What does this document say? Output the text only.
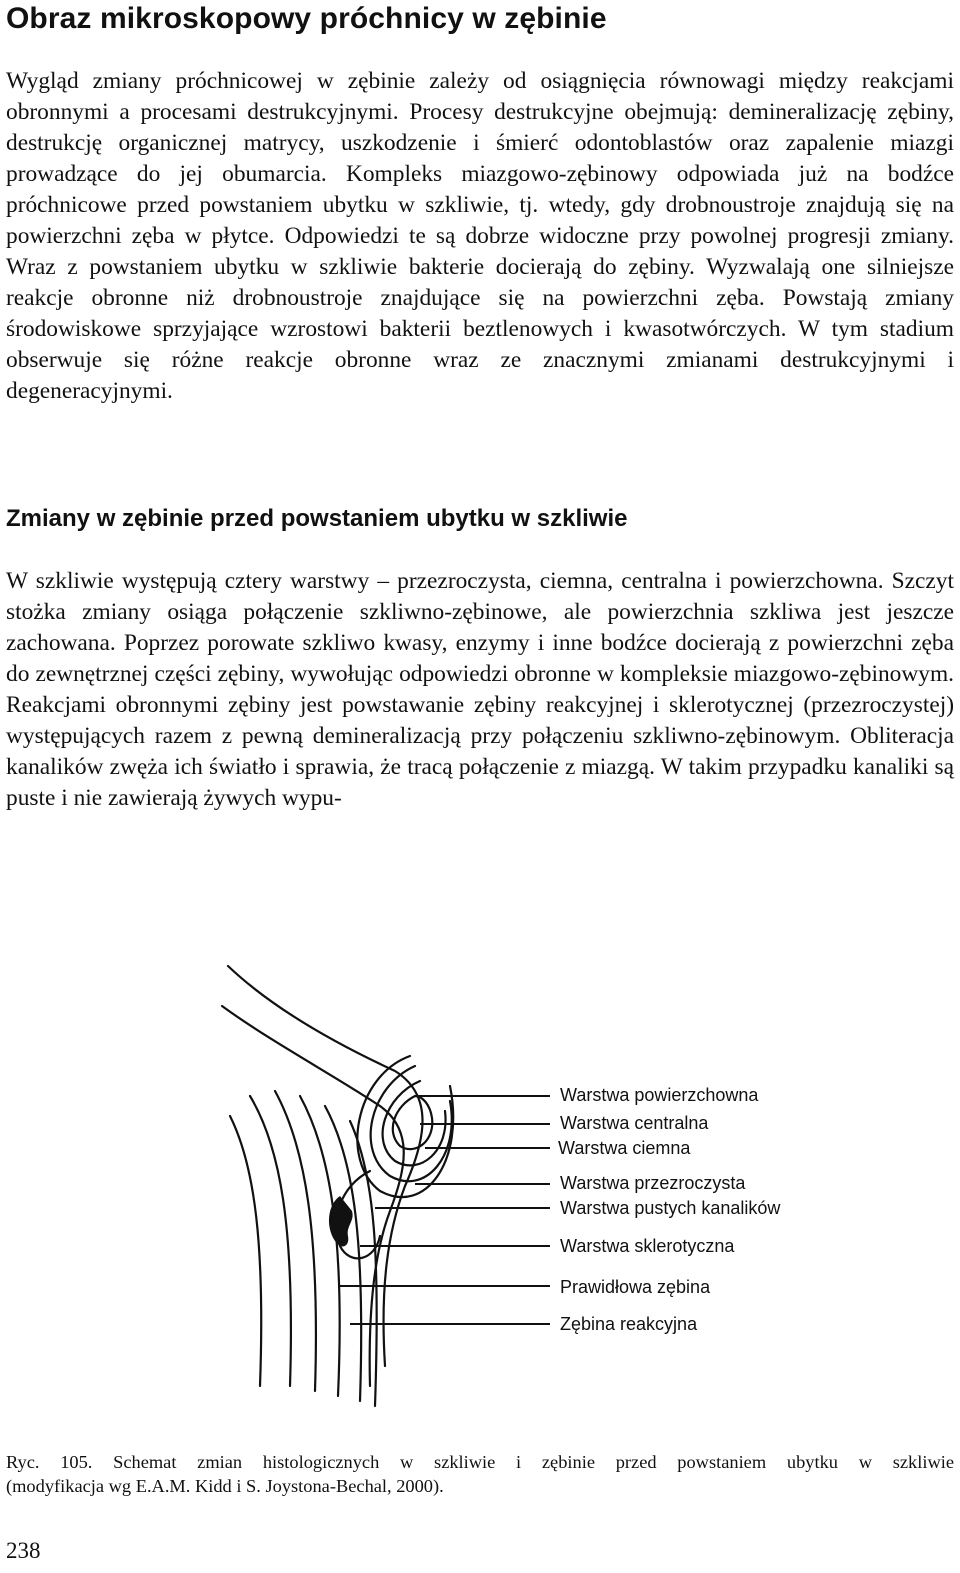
Obraz mikroskopowy próchnicy w zębinie

Wygląd zmiany próchnicowej w zębinie zależy od osiągnięcia równowagi między reakcjami obronnymi a procesami destrukcyjnymi. Procesy destrukcyjne obejmują: demineralizację zębiny, destrukcję organicznej matrycy, uszkodzenie i śmierć odontoblastów oraz zapalenie miazgi prowadzące do jej obumarcia. Kompleks miazgowo-zębinowy odpowiada już na bodźce próchnicowe przed powstaniem ubytku w szkliwie, tj. wtedy, gdy drobnoustroje znajdują się na powierzchni zęba w płytce. Odpowiedzi te są dobrze widoczne przy powolnej progresji zmiany. Wraz z powstaniem ubytku w szkliwie bakterie docierają do zębiny. Wyzwalają one silniejsze reakcje obronne niż drobnoustroje znajdujące się na powierzchni zęba. Powstają zmiany środowiskowe sprzyjające wzrostowi bakterii beztlenowych i kwasotwórczych. W tym stadium obserwuje się różne reakcje obronne wraz ze znacznymi zmianami destrukcyjnymi i degeneracyjnymi.

Zmiany w zębinie przed powstaniem ubytku w szkliwie

W szkliwie występują cztery warstwy – przezroczysta, ciemna, centralna i powierzchowna. Szczyt stożka zmiany osiąga połączenie szkliwno-zębinowe, ale powierzchnia szkliwa jest jeszcze zachowana. Poprzez porowate szkliwo kwasy, enzymy i inne bodźce docierają z powierzchni zęba do zewnętrznej części zębiny, wywołując odpowiedzi obronne w kompleksie miazgowo-zębinowym. Reakcjami obronnymi zębiny jest powstawanie zębiny reakcyjnej i sklerotycznej (przezroczystej) występujących razem z pewną demineralizacją przy połączeniu szkliwno-zębinowym. Obliteracja kanalików zwęża ich światło i sprawia, że tracą połączenie z miazgą. W takim przypadku kanaliki są puste i nie zawierają żywych wypu-

Warstwa powierzchowna
Warstwa centralna
Warstwa ciemna
Warstwa przezroczysta
Warstwa pustych kanalików
Warstwa sklerotyczna
Prawidłowa zębina
Zębina reakcyjna

Ryc. 105. Schemat zmian histologicznych w szkliwie i zębinie przed powstaniem ubytku w szkliwie
(modyfikacja wg E.A.M. Kidd i S. Joystona-Bechal, 2000).

238
